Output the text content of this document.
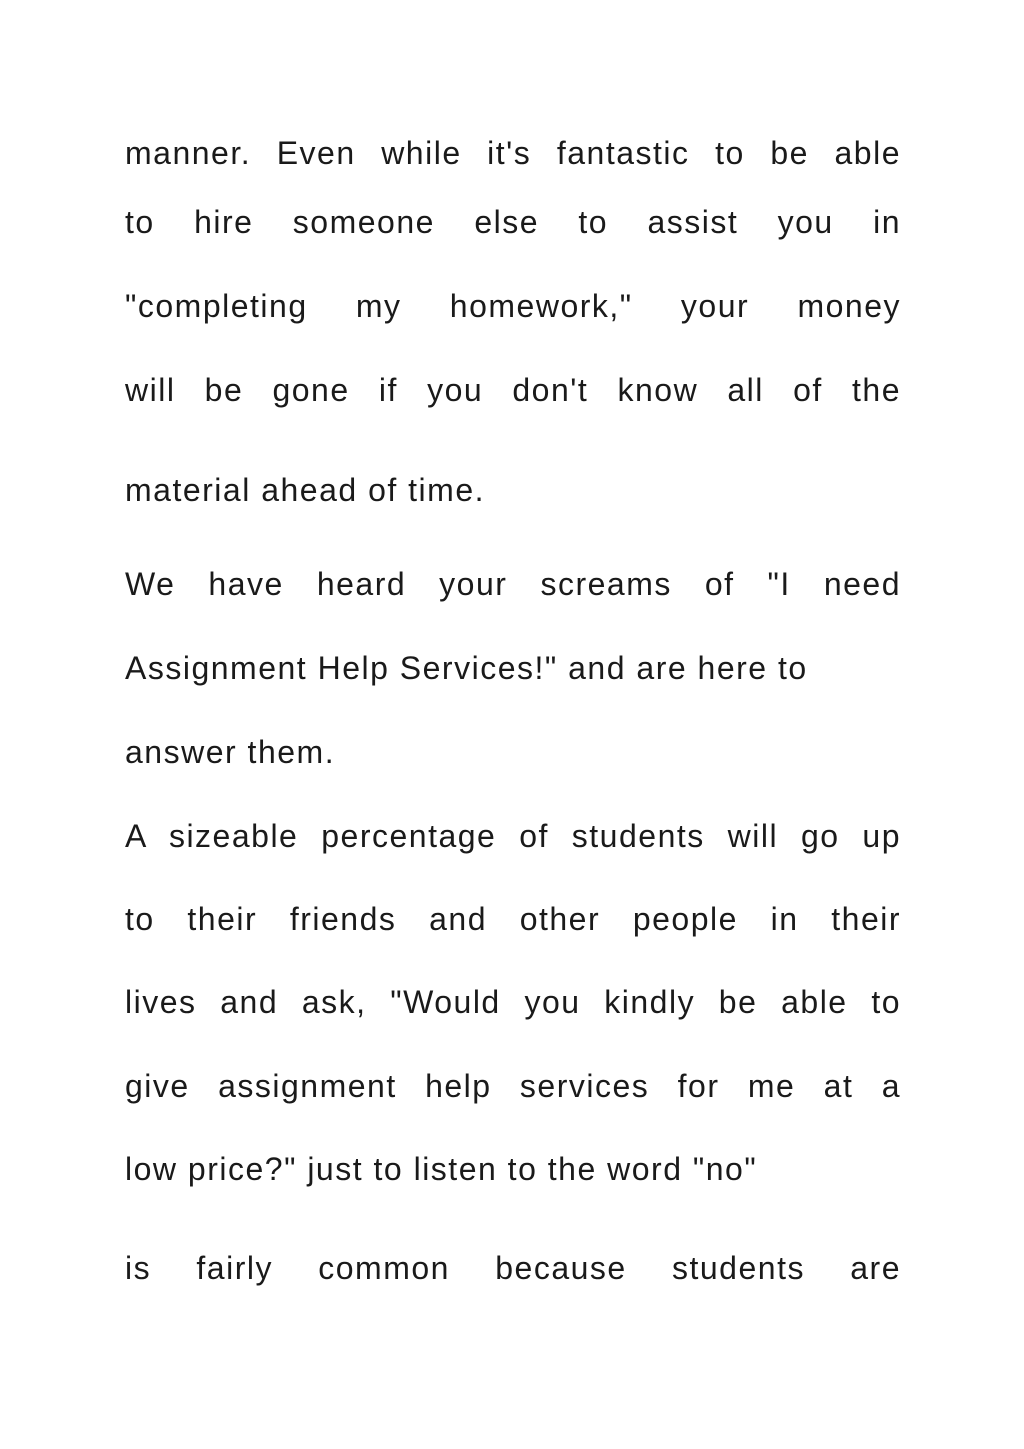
manner. Even while it's fantastic to be able
to hire someone else to assist you in
"completing my homework," your money
will be gone if you don't know all of the
material ahead of time.
We have heard your screams of "I need
Assignment Help Services!" and are here to
answer them.
A sizeable percentage of students will go up
to their friends and other people in their
lives and ask, "Would you kindly be able to
give assignment help services for me at a
low price?" just to listen to the word "no"
is fairly common because students are
